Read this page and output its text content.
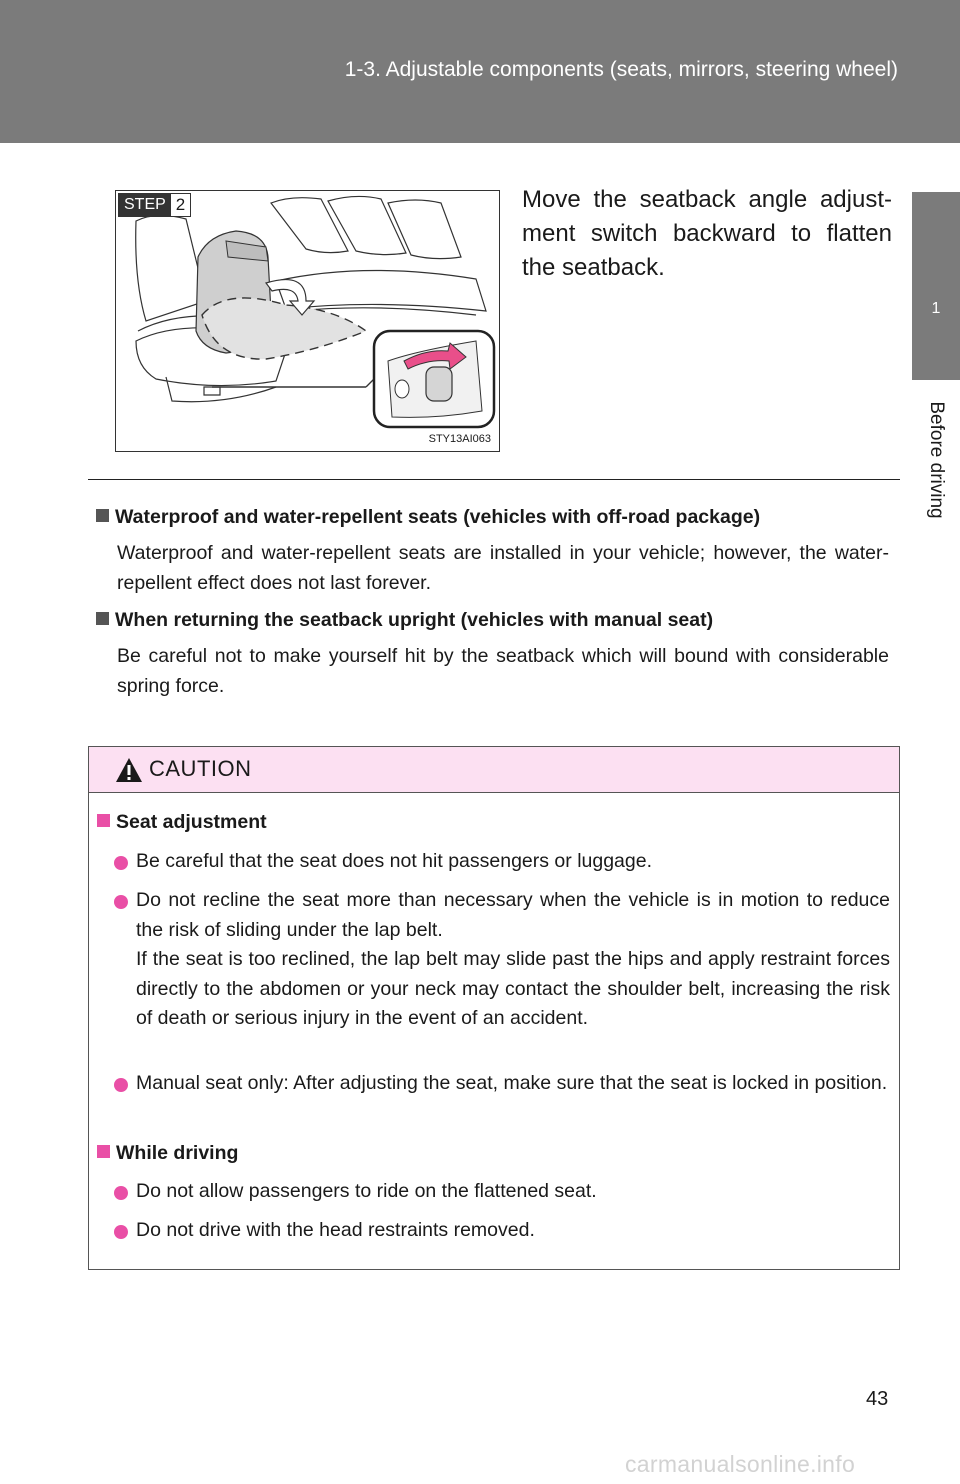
1-3. Adjustable components (seats, mirrors, steering wheel)
1
Before driving
STEP 2
STY13AI063
Move the seatback angle adjust-ment switch backward to flatten the seatback.
Waterproof and water-repellent seats (vehicles with off-road package)
Waterproof and water-repellent seats are installed in your vehicle; however, the water-repellent effect does not last forever.
When returning the seatback upright (vehicles with manual seat)
Be careful not to make yourself hit by the seatback which will bound with considerable spring force.
CAUTION
Seat adjustment
Be careful that the seat does not hit passengers or luggage.
Do not recline the seat more than necessary when the vehicle is in motion to reduce the risk of sliding under the lap belt.
If the seat is too reclined, the lap belt may slide past the hips and apply restraint forces directly to the abdomen or your neck may contact the shoulder belt, increasing the risk of death or serious injury in the event of an accident.
Manual seat only: After adjusting the seat, make sure that the seat is locked in position.
While driving
Do not allow passengers to ride on the flattened seat.
Do not drive with the head restraints removed.
43
carmanualsonline.info
